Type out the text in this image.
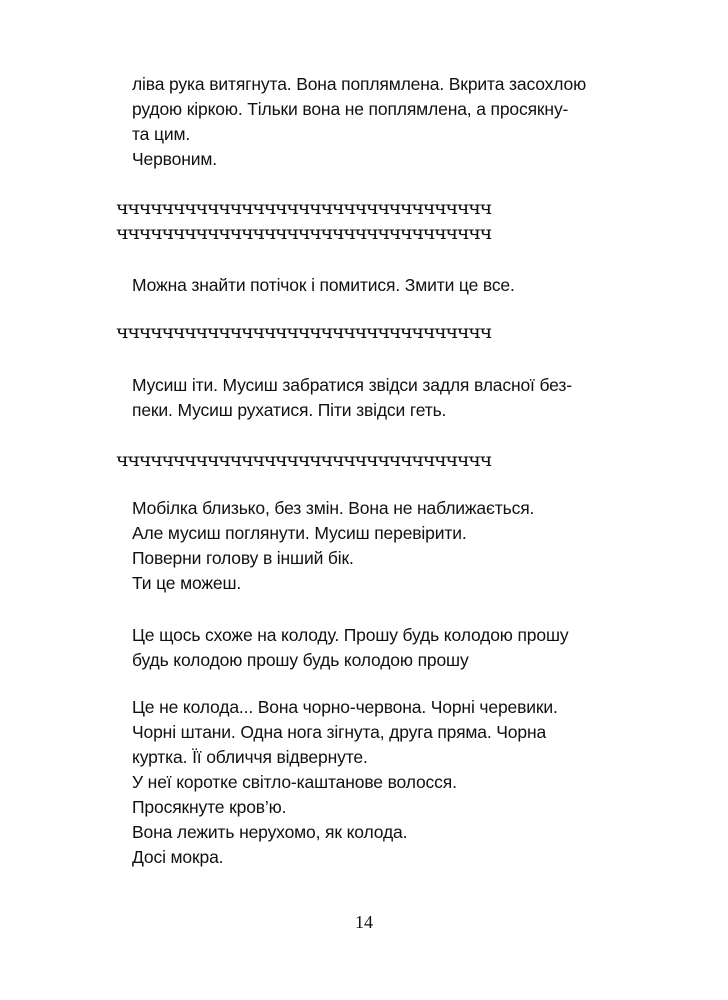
ліва рука витягнута. Вона поплямлена. Вкрита засохлою
рудою кіркою. Тільки вона не поплямлена, а просякну-
та цим.
Червоним.
ччччччччччччччччччччччччччччччччч
ччччччччччччччччччччччччччччччччч
Можна знайти потічок і помитися. Змити це все.
ччччччччччччччччччччччччччччччччч
Мусиш іти. Мусиш забратися звідси задля власної без-
пеки. Мусиш рухатися. Піти звідси геть.
ччччччччччччччччччччччччччччччччч
Мобілка близько, без змін. Вона не наближається.
Але мусиш поглянути. Мусиш перевірити.
Поверни голову в інший бік.
Ти це можеш.
Це щось схоже на колоду. Прошу будь колодою прошу
будь колодою прошу будь колодою прошу
Це не колода... Вона чорно-червона. Чорні черевики.
Чорні штани. Одна нога зігнута, друга пряма. Чорна
куртка. Її обличчя відвернуте.
У неї коротке світло-каштанове волосся.
Просякнуте кров’ю.
Вона лежить нерухомо, як колода.
Досі мокра.
14
